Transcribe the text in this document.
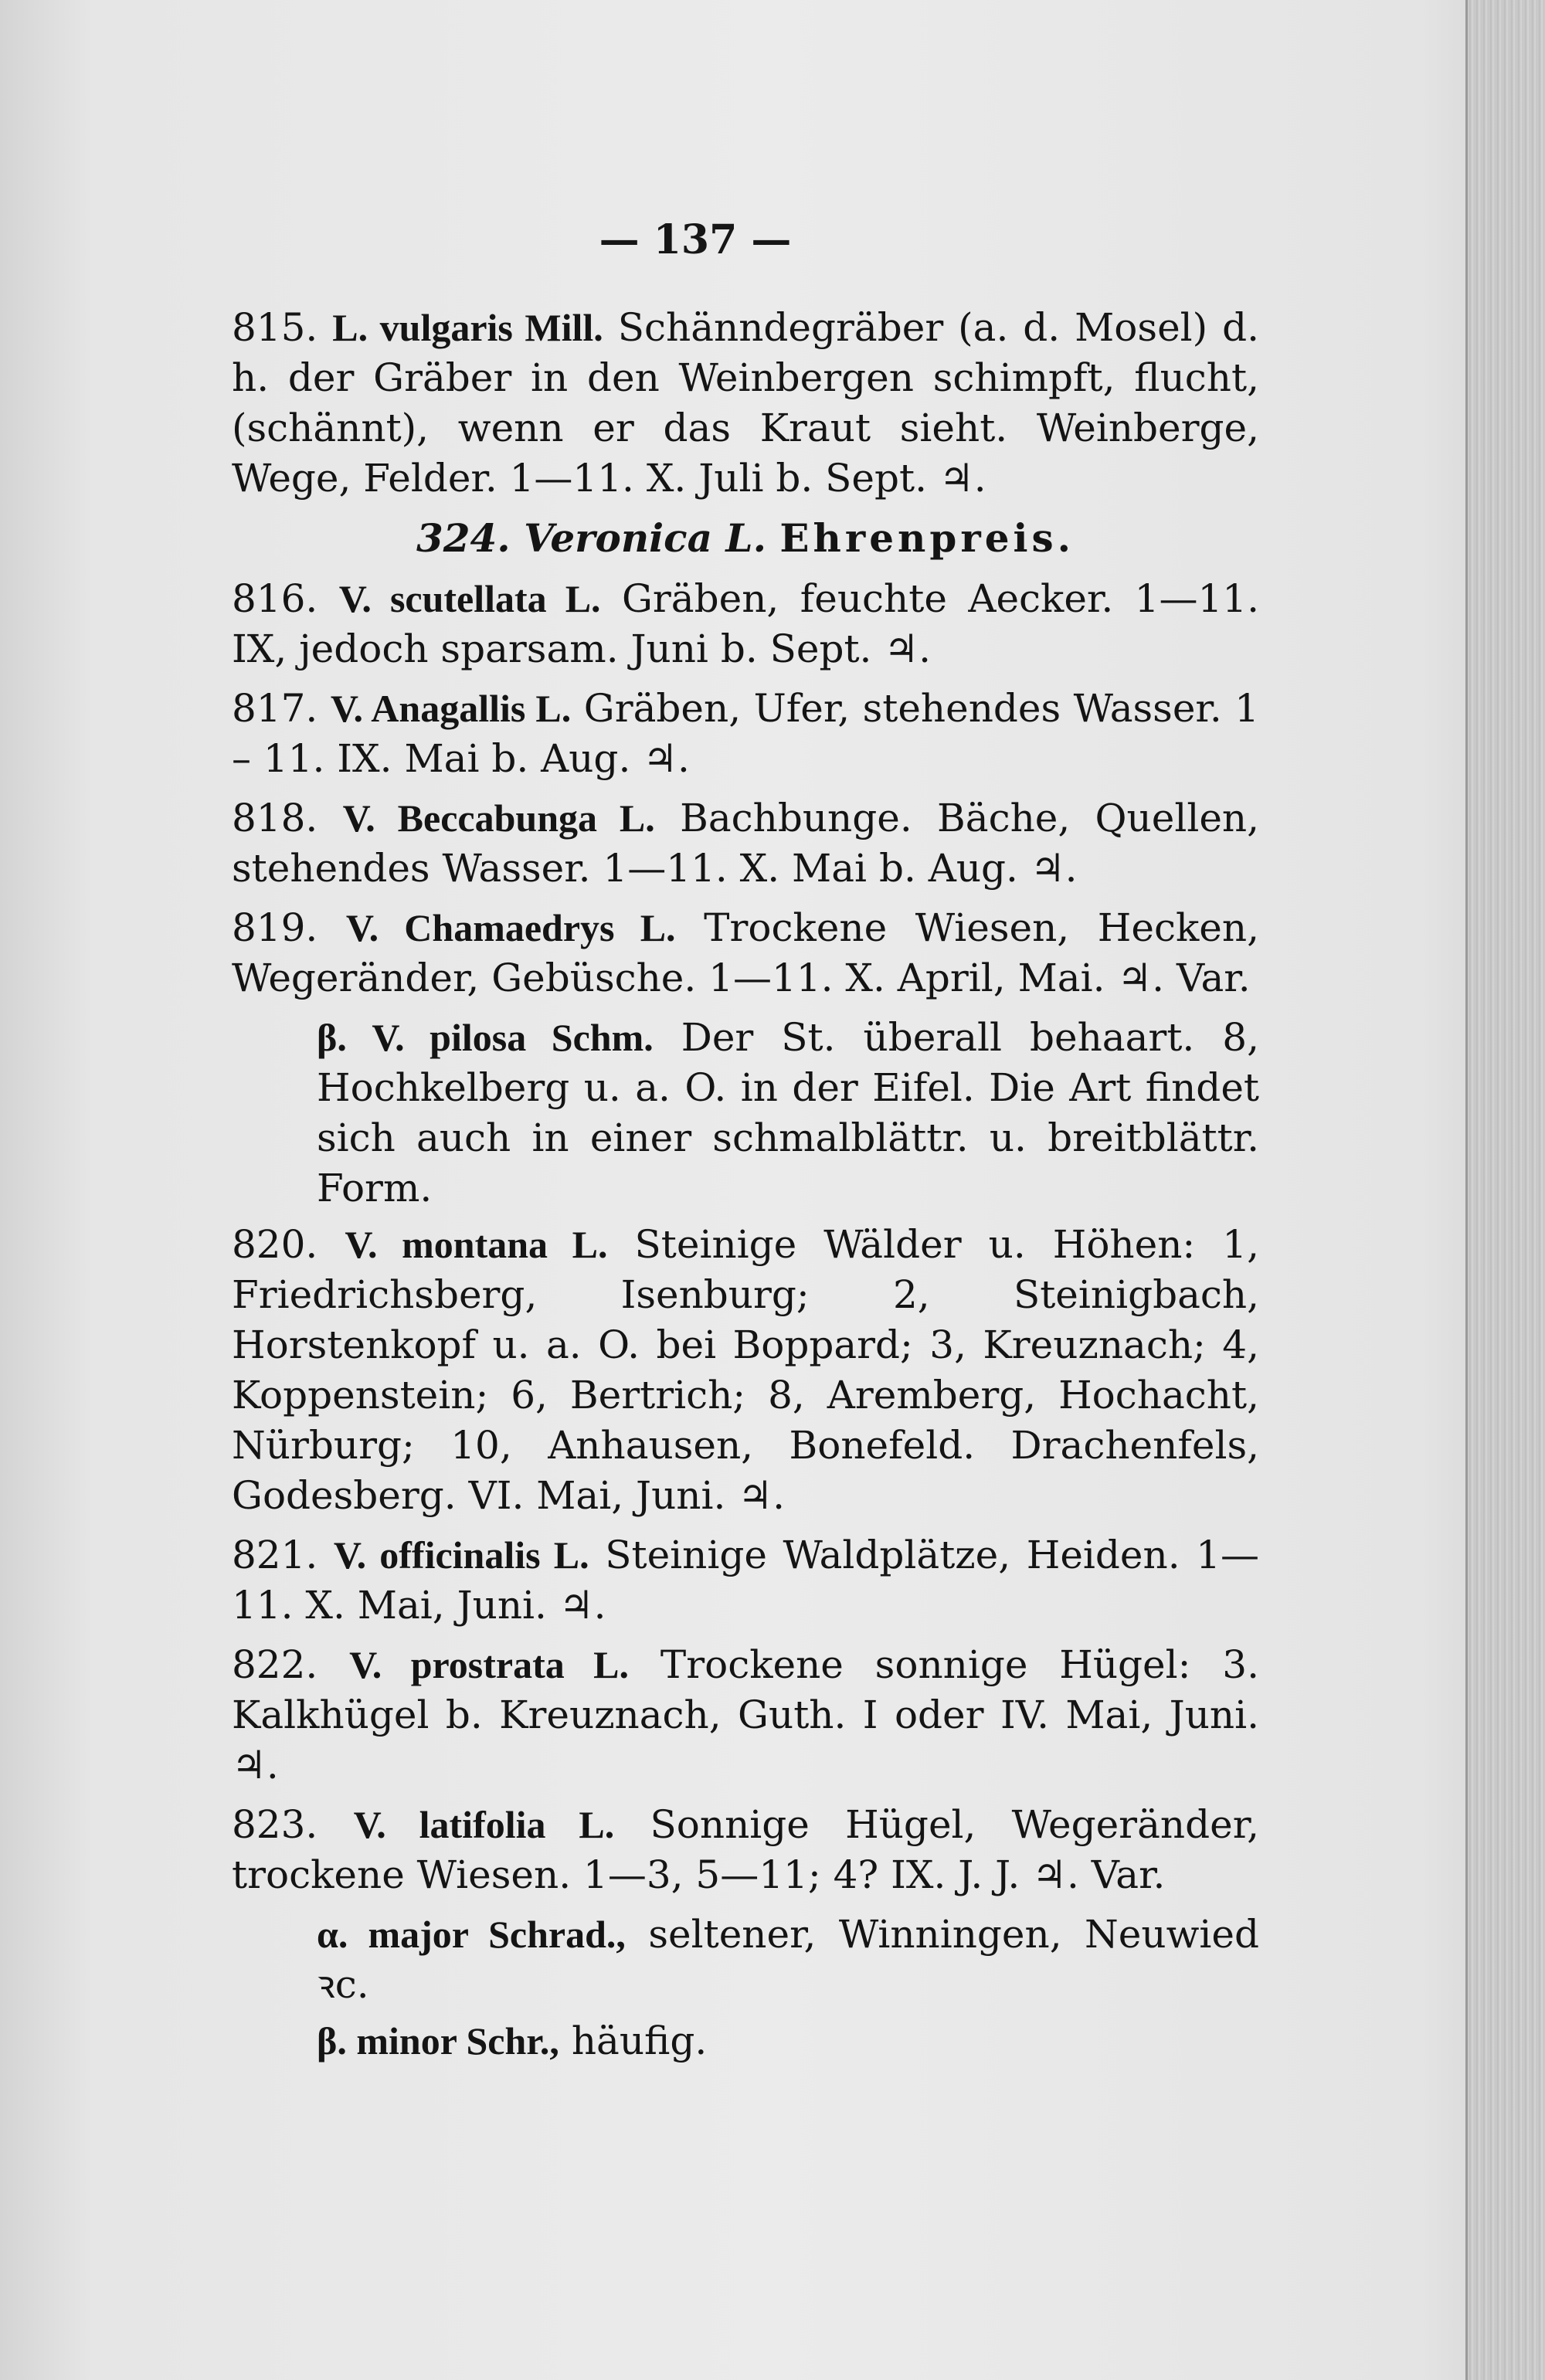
— 137 —

815. L. vulgaris Mill. Schänndegräber (a. d. Mosel) d. h. der Gräber in den Weinbergen schimpft, flucht, (schännt), wenn er das Kraut sieht. Weinberge, Wege, Felder. 1—11. X. Juli b. Sept. ♃.

324. Veronica L. Ehrenpreis.

816. V. scutellata L. Gräben, feuchte Aecker. 1—11. IX, jedoch sparsam. Juni b. Sept. ♃.

817. V. Anagallis L. Gräben, Ufer, stehendes Wasser. 1 – 11. IX. Mai b. Aug. ♃.

818. V. Beccabunga L. Bachbunge. Bäche, Quellen, stehendes Wasser. 1—11. X. Mai b. Aug. ♃.

819. V. Chamaedrys L. Trockene Wiesen, Hecken, Wegeränder, Gebüsche. 1—11. X. April, Mai. ♃. Var.

β. V. pilosa Schm. Der St. überall behaart. 8, Hochkelberg u. a. O. in der Eifel. Die Art findet sich auch in einer schmalblättr. u. breitblättr. Form.

820. V. montana L. Steinige Wälder u. Höhen: 1, Friedrichsberg, Isenburg; 2, Steinigbach, Horstenkopf u. a. O. bei Boppard; 3, Kreuznach; 4, Koppenstein; 6, Bertrich; 8, Aremberg, Hochacht, Nürburg; 10, Anhausen, Bonefeld. Drachenfels, Godesberg. VI. Mai, Juni. ♃.

821. V. officinalis L. Steinige Waldplätze, Heiden. 1—11. X. Mai, Juni. ♃.

822. V. prostrata L. Trockene sonnige Hügel: 3. Kalkhügel b. Kreuznach, Guth. I oder IV. Mai, Juni. ♃.

823. V. latifolia L. Sonnige Hügel, Wegeränder, trockene Wiesen. 1—3, 5—11; 4? IX. J. J. ♃. Var.

α. major Schrad., seltener, Winningen, Neuwied ꝛc.

β. minor Schr., häufig.
